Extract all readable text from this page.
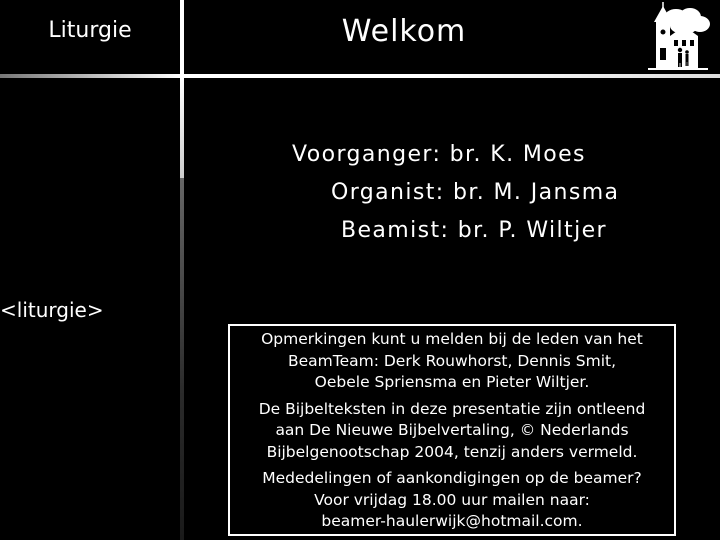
Liturgie	Welkom
Voorganger: br. K. Moes
Organist: br. M. Jansma
Beamist: br. P. Wiltjer
<liturgie>

Opmerkingen kunt u melden bij de leden van het
BeamTeam: Derk Rouwhorst, Dennis Smit,
Oebele Spriensma en Pieter Wiltjer.

De Bijbelteksten in deze presentatie zijn ontleend
aan De Nieuwe Bijbelvertaling, © Nederlands
Bijbelgenootschap 2004, tenzij anders vermeld.

Mededelingen of aankondigingen op de beamer?
Voor vrijdag 18.00 uur mailen naar:
beamer-haulerwijk@hotmail.com.
